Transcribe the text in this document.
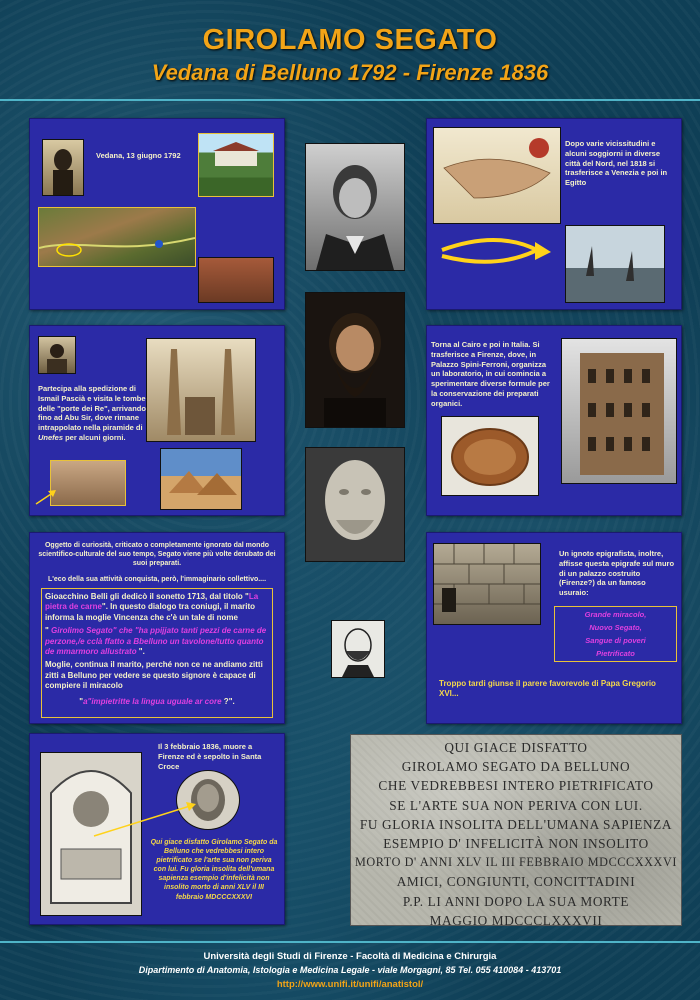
GIROLAMO SEGATO
Vedana di Belluno 1792 - Firenze 1836
Vedana, 13 giugno 1792
Dopo varie vicissitudini e alcuni soggiorni in diverse città del Nord, nel 1818 si trasferisce a Venezia e poi in Egitto
Partecipa alla spedizione di Ismail Pascià e visita le tombe delle "porte dei Re", arrivando fino ad Abu Sir, dove rimane intrappolato nella piramide di Unefes per alcuni giorni.
Torna al Cairo e poi in Italia. Si trasferisce a Firenze, dove, in Palazzo Spini-Ferroni, organizza un laboratorio, in cui comincia a sperimentare diverse formule per la conservazione dei preparati organici.
Oggetto di curiosità, criticato o completamente ignorato dal mondo scientifico-culturale del suo tempo, Segato viene più volte derubato dei suoi preparati.
L'eco della sua attività conquista, però, l'immaginario collettivo....
Gioacchino Belli gli dedicò il sonetto 1713, dal titolo "La pietra de carne". In questo dialogo tra coniugi, il marito informa la moglie Vincenza che c'è un tale di nome
" Girolimo Segato" che "ha ppijjato tanti pezzi de carne de perzone,/e cclà ffatto a Bbelluno un tavolone/tutto quanto de mmarmoro allustrato ".
Moglie, continua il marito, perché non ce ne andiamo zitti zitti a Belluno per vedere se questo signore è capace di compiere il miracolo
"a"impietritte la lingua uguale ar core ?".
Un ignoto epigrafista, inoltre, affisse questa epigrafe sul muro di un palazzo costruito (Firenze?) da un famoso usuraio:
Grande miracolo,
Nuovo Segato,
Sangue di poveri
Pietrificato
Troppo tardi giunse il parere favorevole di Papa Gregorio XVI...
Il 3 febbraio 1836, muore a Firenze ed è sepolto in Santa Croce
Qui giace disfatto Girolamo Segato da Belluno che vedrebbesi intero pietrificato se l'arte sua non periva con lui. Fu gloria insolita dell'umana sapienza esempio d'infelicità non insolito morto di anni XLV il III febbraio MDCCCXXXVI
QUI GIACE DISFATTO
GIROLAMO SEGATO DA BELLUNO
CHE VEDREBBESI INTERO PIETRIFICATO
SE L'ARTE SUA NON PERIVA CON LUI.
FU GLORIA INSOLITA DELL'UMANA SAPIENZA
ESEMPIO D' INFELICITÀ NON INSOLITO
MORTO D' ANNI XLV IL III FEBBRAIO MDCCCXXXVI
AMICI, CONGIUNTI, CONCITTADINI
P.P. LI ANNI DOPO LA SUA MORTE
MAGGIO MDCCCLXXXVII
Università degli Studi di Firenze - Facoltà di Medicina e Chirurgia
Dipartimento di Anatomia, Istologia e Medicina Legale - viale Morgagni, 85 Tel. 055 410084 - 413701
http://www.unifi.it/unifi/anatistol/
